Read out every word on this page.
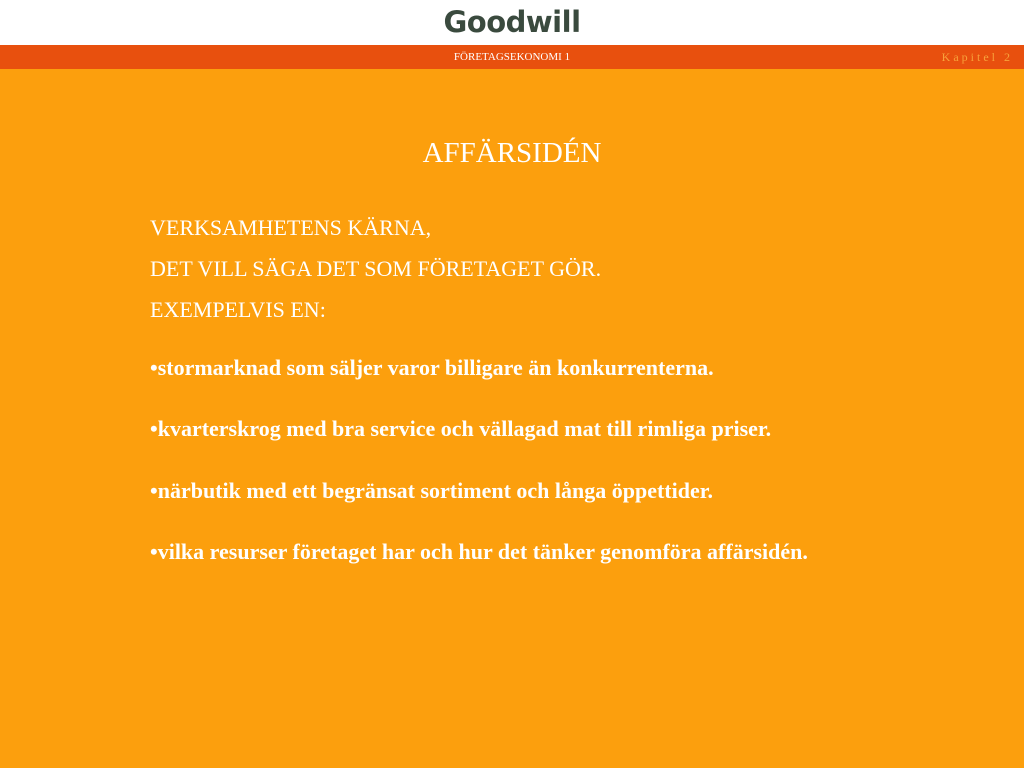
Goodwill
FÖRETAGSEKONOMI 1	Kapitel 2
AFFÄRSIDÉN
VERKSAMHETENS KÄRNA,
DET VILL SÄGA DET SOM FÖRETAGET GÖR.
EXEMPELVIS EN:
•stormarknad som säljer varor billigare än konkurrenterna.
•kvarterskrog med bra service och vällagad mat till rimliga priser.
•närbutik med ett begränsat sortiment och långa öppettider.
•vilka resurser företaget har och hur det tänker genomföra affärsidén.
